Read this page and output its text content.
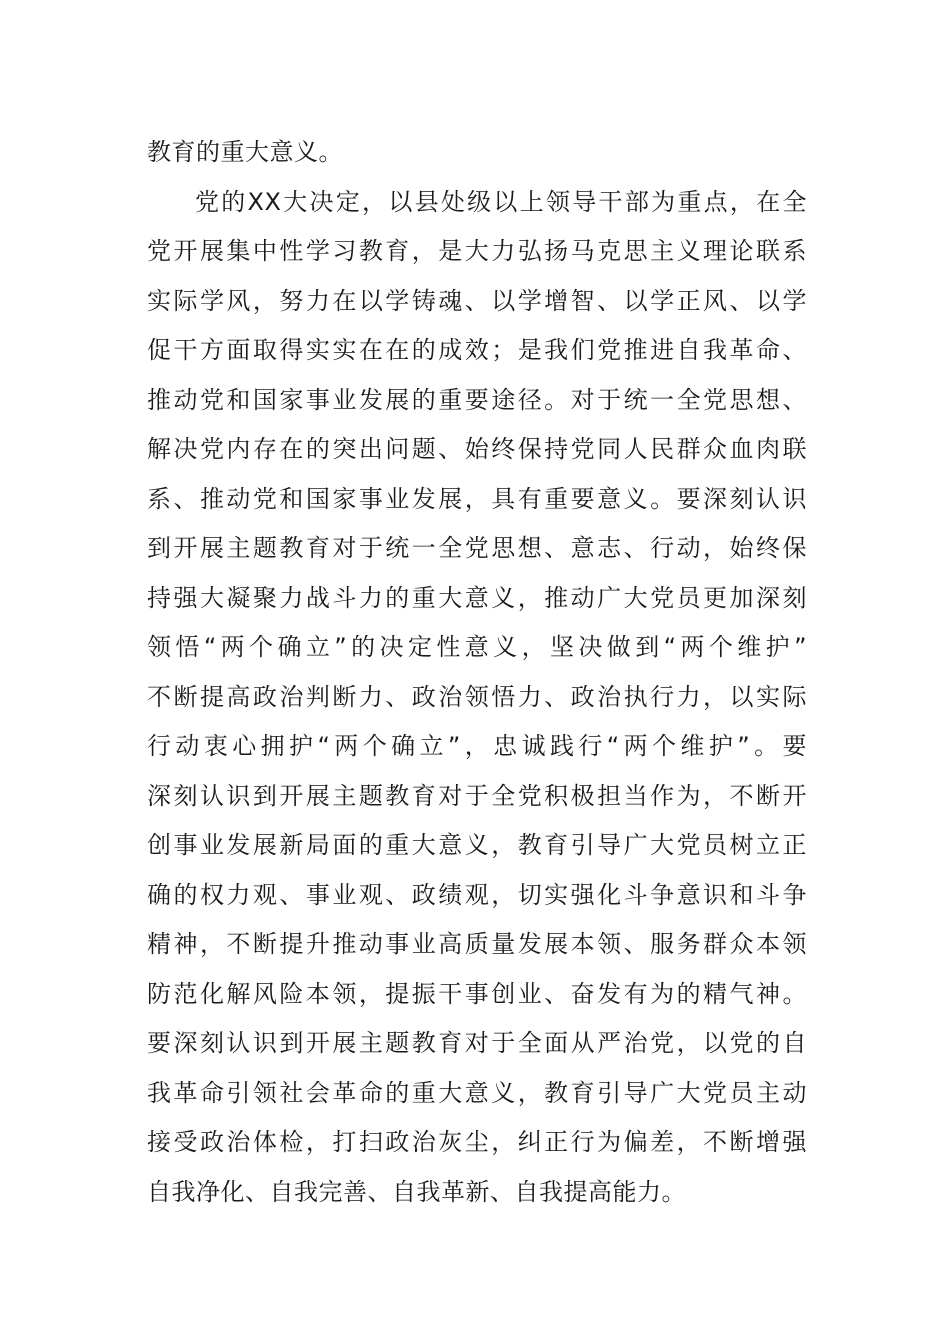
教育的重大意义。
党的XX大决定，以县处级以上领导干部为重点，在全
党开展集中性学习教育，是大力弘扬马克思主义理论联系
实际学风，努力在以学铸魂、以学增智、以学正风、以学
促干方面取得实实在在的成效；是我们党推进自我革命、
推动党和国家事业发展的重要途径。对于统一全党思想、
解决党内存在的突出问题、始终保持党同人民群众血肉联
系、推动党和国家事业发展，具有重要意义。要深刻认识
到开展主题教育对于统一全党思想、意志、行动，始终保
持强大凝聚力战斗力的重大意义，推动广大党员更加深刻
领悟“两个确立”的决定性意义，坚决做到“两个维护”
不断提高政治判断力、政治领悟力、政治执行力，以实际
行动衷心拥护“两个确立”，忠诚践行“两个维护”。要
深刻认识到开展主题教育对于全党积极担当作为，不断开
创事业发展新局面的重大意义，教育引导广大党员树立正
确的权力观、事业观、政绩观，切实强化斗争意识和斗争
精神，不断提升推动事业高质量发展本领、服务群众本领
防范化解风险本领，提振干事创业、奋发有为的精气神。
要深刻认识到开展主题教育对于全面从严治党，以党的自
我革命引领社会革命的重大意义，教育引导广大党员主动
接受政治体检，打扫政治灰尘，纠正行为偏差，不断增强
自我净化、自我完善、自我革新、自我提高能力。
